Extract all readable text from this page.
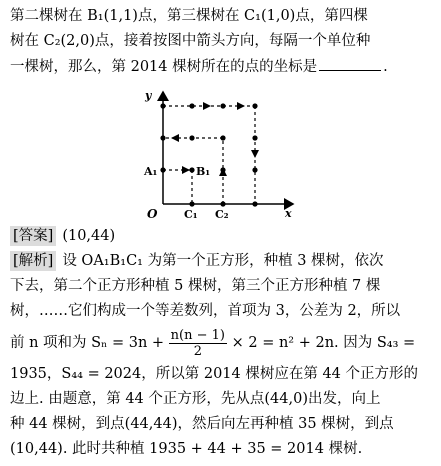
第二棵树在 B₁(1,1)点，第三棵树在 C₁(1,0)点，第四棵
树在 C₂(2,0)点，接着按图中箭头方向，每隔一个单位种
一棵树，那么，第 2014 棵树所在的点的坐标是	.
y
x
O
A₁	B₁
C₁ C₂
[答案] (10,44)
[解析] 设 OA₁B₁C₁ 为第一个正方形，种植 3 棵树，依次
下去，第二个正方形种植 5 棵树，第三个正方形种植 7 棵
树，……它们构成一个等差数列，首项为 3，公差为 2，所以
前 n 项和为 $S_n = 3n + \frac{n(n - 1)}{2} \times 2 = n^2 + 2n$. 因为 S₄₃ =
1935，S₄₄ = 2024，所以第 2014 棵树应在第 44 个正方形的
边上. 由题意，第 44 个正方形，先从点(44,0)出发，向上
种 44 棵树，到点(44,44)，然后向左再种植 35 棵树，到点
(10,44). 此时共种植 1935 + 44 + 35 = 2014 棵树.
